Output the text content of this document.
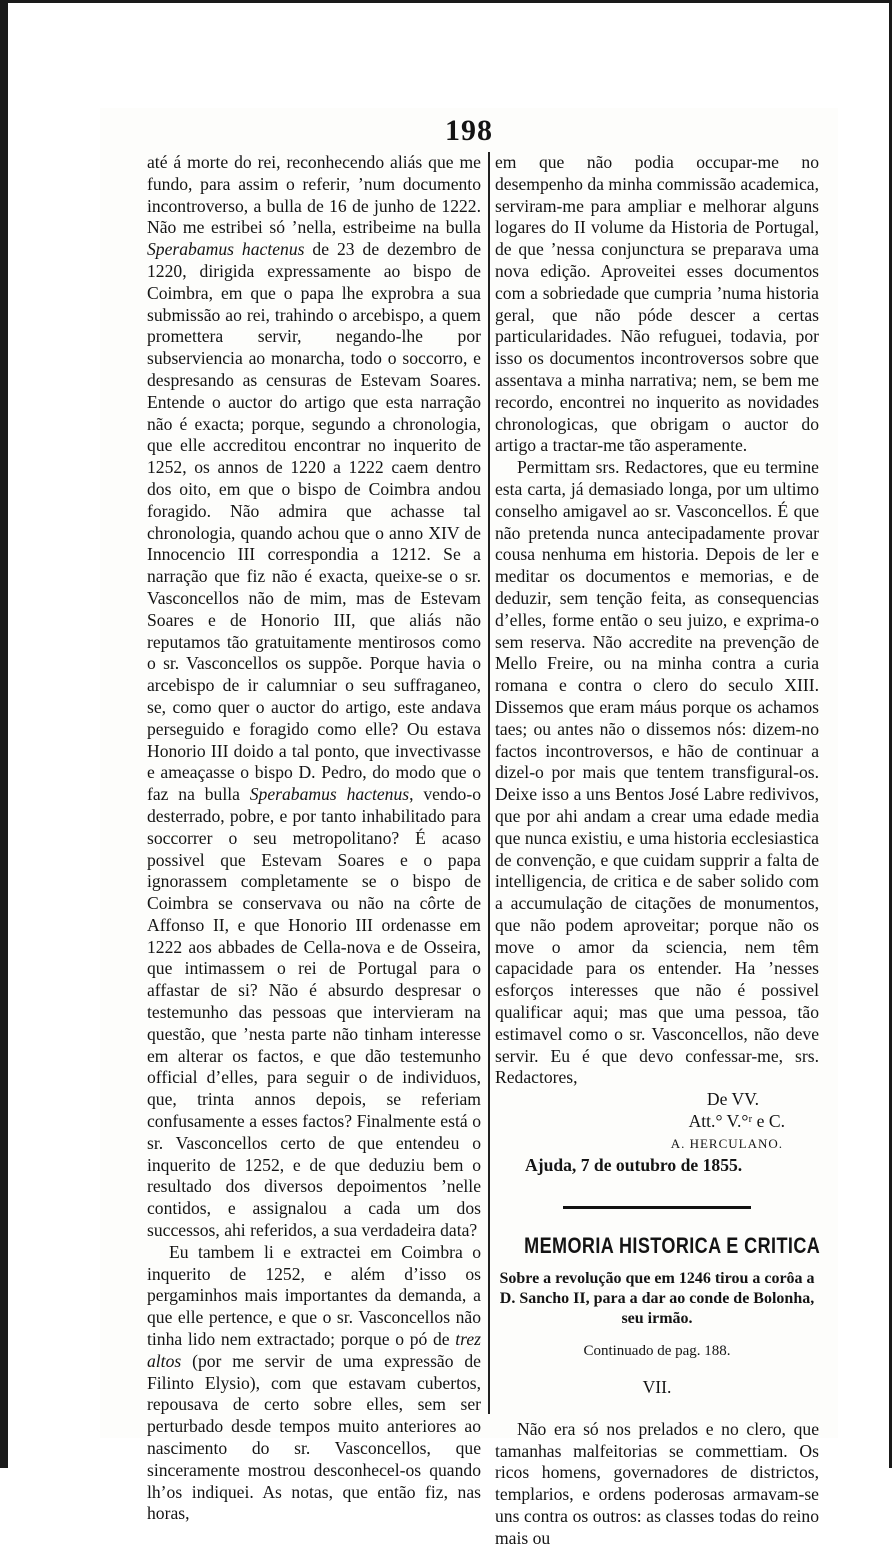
198

até á morte do rei, reconhecendo aliás que me fundo, para assim o referir, ’num documento incontroverso, a bulla de 16 de junho de 1222. Não me estribei só ’nella, estribeime na bulla Sperabamus hactenus de 23 de dezembro de 1220, dirigida expressamente ao bispo de Coimbra, em que o papa lhe exprobra a sua submissão ao rei, trahindo o arcebispo, a quem promettera servir, negando-lhe por subserviencia ao monarcha, todo o soccorro, e despresando as censuras de Estevam Soares. Entende o auctor do artigo que esta narração não é exacta; porque, segundo a chronologia, que elle accreditou encontrar no inquerito de 1252, os annos de 1220 a 1222 caem dentro dos oito, em que o bispo de Coimbra andou foragido. Não admira que achasse tal chronologia, quando achou que o anno XIV de Innocencio III correspondia a 1212. Se a narração que fiz não é exacta, queixe-se o sr. Vasconcellos não de mim, mas de Estevam Soares e de Honorio III, que aliás não reputamos tão gratuitamente mentirosos como o sr. Vasconcellos os suppõe. Porque havia o arcebispo de ir calumniar o seu suffraganeo, se, como quer o auctor do artigo, este andava perseguido e foragido como elle? Ou estava Honorio III doido a tal ponto, que invectivasse e ameaçasse o bispo D. Pedro, do modo que o faz na bulla Sperabamus hactenus, vendo-o desterrado, pobre, e por tanto inhabilitado para soccorrer o seu metropolitano? É acaso possivel que Estevam Soares e o papa ignorassem completamente se o bispo de Coimbra se conservava ou não na côrte de Affonso II, e que Honorio III ordenasse em 1222 aos abbades de Cella-nova e de Osseira, que intimassem o rei de Portugal para o affastar de si? Não é absurdo despresar o testemunho das pessoas que intervieram na questão, que ’nesta parte não tinham interesse em alterar os factos, e que dão testemunho official d’elles, para seguir o de individuos, que, trinta annos depois, se referiam confusamente a esses factos? Finalmente está o sr. Vasconcellos certo de que entendeu o inquerito de 1252, e de que deduziu bem o resultado dos diversos depoimentos ’nelle contidos, e assignalou a cada um dos successos, ahi referidos, a sua verdadeira data?

Eu tambem li e extractei em Coimbra o inquerito de 1252, e além d’isso os pergaminhos mais importantes da demanda, a que elle pertence, e que o sr. Vasconcellos não tinha lido nem extractado; porque o pó de trez altos (por me servir de uma expressão de Filinto Elysio), com que estavam cubertos, repousava de certo sobre elles, sem ser perturbado desde tempos muito anteriores ao nascimento do sr. Vasconcellos, que sinceramente mostrou desconhecel-os quando lh’os indiquei. As notas, que então fiz, nas horas,

em que não podia occupar-me no desempenho da minha commissão academica, serviram-me para ampliar e melhorar alguns logares do II volume da Historia de Portugal, de que ’nessa conjunctura se preparava uma nova edição. Aproveitei esses documentos com a sobriedade que cumpria ’numa historia geral, que não póde descer a certas particularidades. Não refuguei, todavia, por isso os documentos incontroversos sobre que assentava a minha narrativa; nem, se bem me recordo, encontrei no inquerito as novidades chronologicas, que obrigam o auctor do artigo a tractar-me tão asperamente.

Permittam srs. Redactores, que eu termine esta carta, já demasiado longa, por um ultimo conselho amigavel ao sr. Vasconcellos. É que não pretenda nunca antecipadamente provar cousa nenhuma em historia. Depois de ler e meditar os documentos e memorias, e de deduzir, sem tenção feita, as consequencias d’elles, forme então o seu juizo, e exprima-o sem reserva. Não accredite na prevenção de Mello Freire, ou na minha contra a curia romana e contra o clero do seculo XIII. Dissemos que eram máus porque os achamos taes; ou antes não o dissemos nós: dizem-no factos incontroversos, e hão de continuar a dizel-o por mais que tentem transfigural-os. Deixe isso a uns Bentos José Labre redivivos, que por ahi andam a crear uma edade media que nunca existiu, e uma historia ecclesiastica de convenção, e que cuidam supprir a falta de intelligencia, de critica e de saber solido com a accumulação de citações de monumentos, que não podem aproveitar; porque não os move o amor da sciencia, nem têm capacidade para os entender. Ha ’nesses esforços interesses que não é possivel qualificar aqui; mas que uma pessoa, tão estimavel como o sr. Vasconcellos, não deve servir. Eu é que devo confessar-me, srs. Redactores,

De VV.

Att.° V.°ʳ e C.

A. HERCULANO.

Ajuda, 7 de outubro de 1855.

MEMORIA HISTORICA E CRITICA
Sobre a revolução que em 1246 tirou a corôa a D. Sancho II, para a dar ao conde de Bolonha, seu irmão.
Continuado de pag. 188.
VII.

Não era só nos prelados e no clero, que tamanhas malfeitorias se commettiam. Os ricos homens, governadores de districtos, templarios, e ordens poderosas armavam-se uns contra os outros: as classes todas do reino mais ou
